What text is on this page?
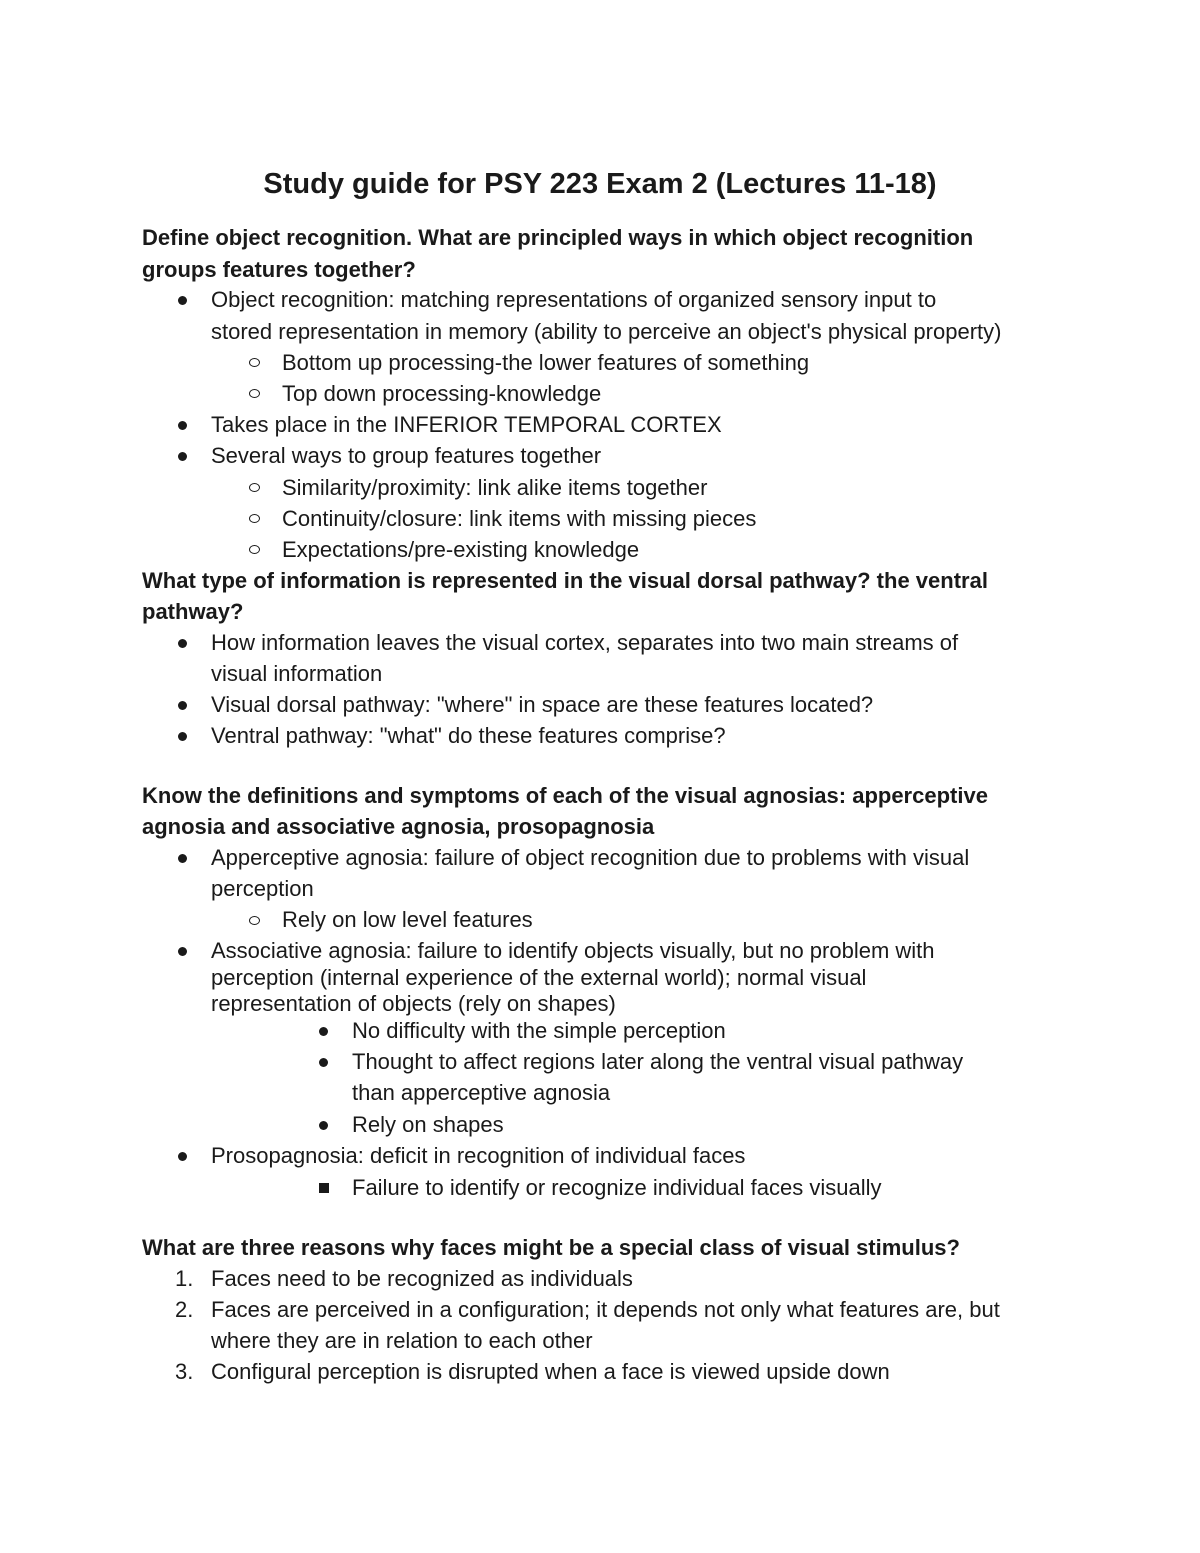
Study guide for PSY 223 Exam 2 (Lectures 11-18)
Define object recognition. What are principled ways in which object recognition
groups features together?
Object recognition: matching representations of organized sensory input to
stored representation in memory (ability to perceive an object's physical property)
Bottom up processing-the lower features of something
Top down processing-knowledge
Takes place in the INFERIOR TEMPORAL CORTEX
Several ways to group features together
Similarity/proximity: link alike items together
Continuity/closure: link items with missing pieces
Expectations/pre-existing knowledge
What type of information is represented in the visual dorsal pathway? the ventral
pathway?
How information leaves the visual cortex, separates into two main streams of
visual information
Visual dorsal pathway: "where" in space are these features located?
Ventral pathway: "what" do these features comprise?
Know the definitions and symptoms of each of the visual agnosias: apperceptive
agnosia and associative agnosia, prosopagnosia
Apperceptive agnosia: failure of object recognition due to problems with visual
perception
Rely on low level features
Associative agnosia: failure to identify objects visually, but no problem with
perception (internal experience of the external world); normal visual
representation of objects (rely on shapes)
No difficulty with the simple perception
Thought to affect regions later along the ventral visual pathway
than apperceptive agnosia
Rely on shapes
Prosopagnosia: deficit in recognition of individual faces
Failure to identify or recognize individual faces visually
What are three reasons why faces might be a special class of visual stimulus?
1. Faces need to be recognized as individuals
2. Faces are perceived in a configuration; it depends not only what features are, but
where they are in relation to each other
3. Configural perception is disrupted when a face is viewed upside down
